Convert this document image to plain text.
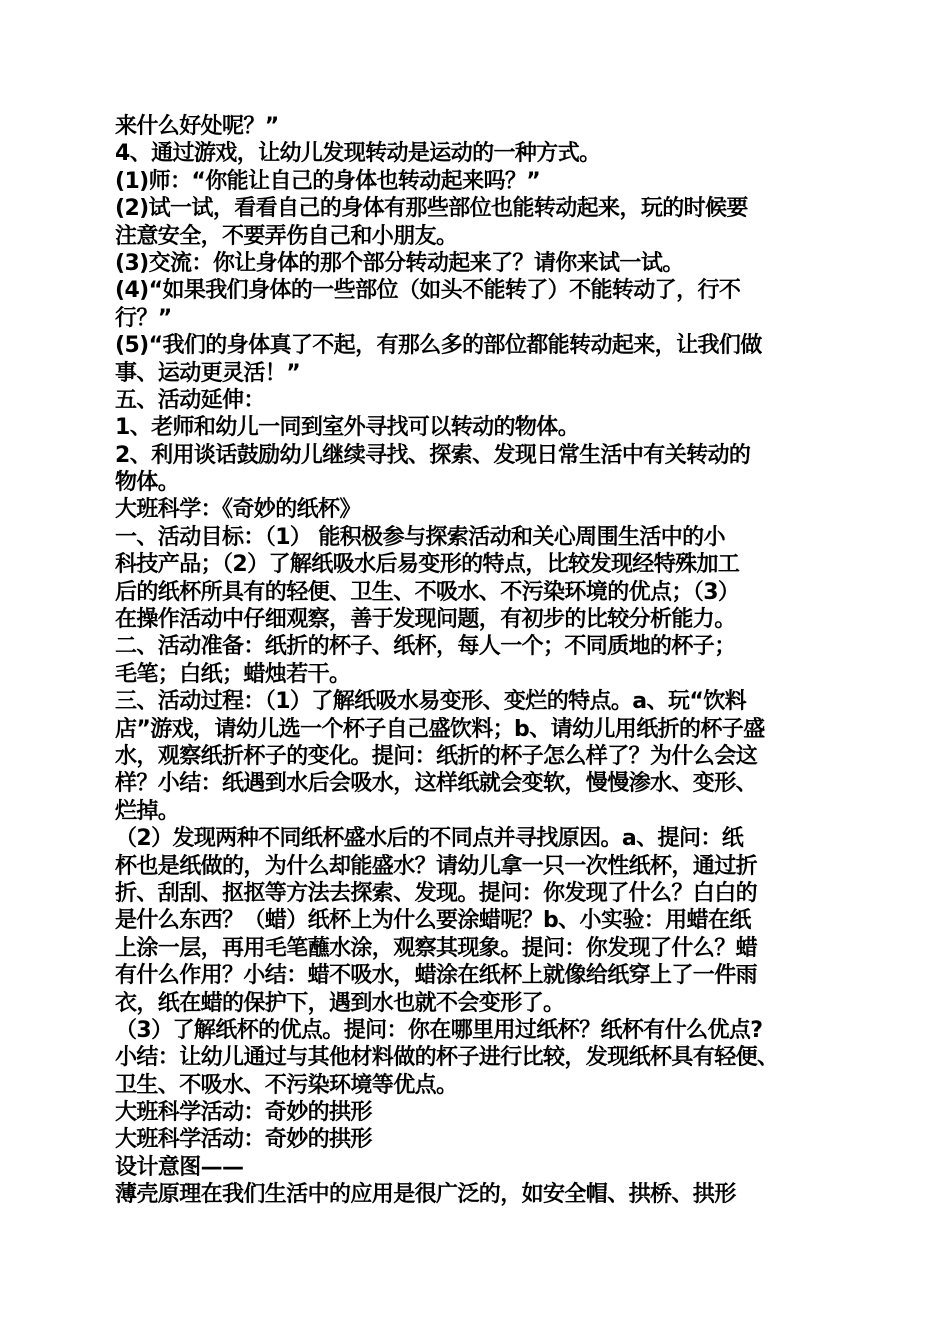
来什么好处呢？”
4、通过游戏，让幼儿发现转动是运动的一种方式。
(1)师：“你能让自己的身体也转动起来吗？”
(2)试一试，看看自己的身体有那些部位也能转动起来，玩的时候要
注意安全，不要弄伤自己和小朋友。
(3)交流：你让身体的那个部分转动起来了？请你来试一试。
(4)“如果我们身体的一些部位（如头不能转了）不能转动了，行不
行？”
(5)“我们的身体真了不起，有那么多的部位都能转动起来，让我们做
事、运动更灵活！”
五、活动延伸：
1、老师和幼儿一同到室外寻找可以转动的物体。
2、利用谈话鼓励幼儿继续寻找、探索、发现日常生活中有关转动的
物体。
大班科学：《奇妙的纸杯》
一、活动目标：（1） 能积极参与探索活动和关心周围生活中的小
科技产品；（2）了解纸吸水后易变形的特点，比较发现经特殊加工
后的纸杯所具有的轻便、卫生、不吸水、不污染环境的优点；（3）
在操作活动中仔细观察，善于发现问题，有初步的比较分析能力。
二、活动准备：纸折的杯子、纸杯，每人一个；不同质地的杯子；
毛笔；白纸；蜡烛若干。
三、活动过程：（1）了解纸吸水易变形、变烂的特点。a、玩“饮料
店”游戏，请幼儿选一个杯子自己盛饮料；b、请幼儿用纸折的杯子盛
水，观察纸折杯子的变化。提问：纸折的杯子怎么样了？为什么会这
样？小结：纸遇到水后会吸水，这样纸就会变软，慢慢渗水、变形、
烂掉。
（2）发现两种不同纸杯盛水后的不同点并寻找原因。a、提问：纸
杯也是纸做的，为什么却能盛水？请幼儿拿一只一次性纸杯，通过折
折、刮刮、抠抠等方法去探索、发现。提问：你发现了什么？白白的
是什么东西？（蜡）纸杯上为什么要涂蜡呢？b、小实验：用蜡在纸
上涂一层，再用毛笔蘸水涂，观察其现象。提问：你发现了什么？蜡
有什么作用？小结：蜡不吸水，蜡涂在纸杯上就像给纸穿上了一件雨
衣，纸在蜡的保护下，遇到水也就不会变形了。
（3）了解纸杯的优点。提问：你在哪里用过纸杯？纸杯有什么优点?
小结：让幼儿通过与其他材料做的杯子进行比较，发现纸杯具有轻便、
卫生、不吸水、不污染环境等优点。
大班科学活动：奇妙的拱形
大班科学活动：奇妙的拱形
设计意图——
薄壳原理在我们生活中的应用是很广泛的，如安全帽、拱桥、拱形
